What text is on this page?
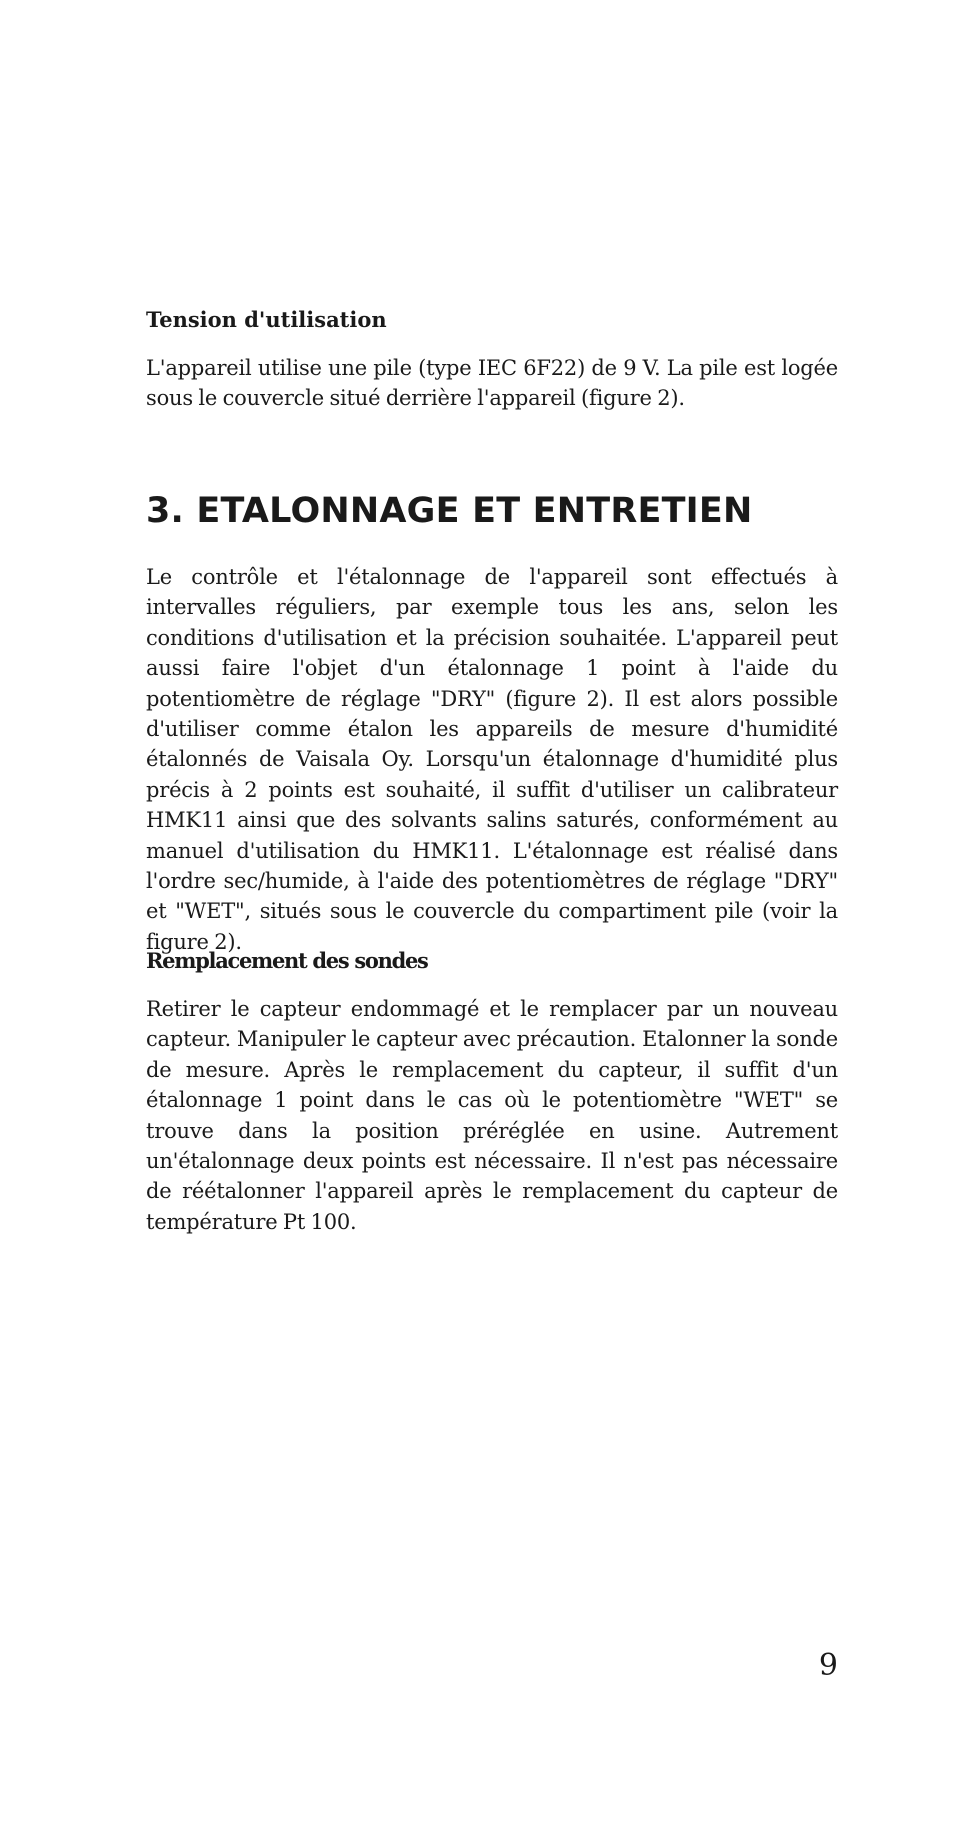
Tension d'utilisation

L'appareil utilise une pile (type IEC 6F22) de 9 V. La pile est logée sous le couvercle situé derrière l'appareil (figure 2).

3. ETALONNAGE ET ENTRETIEN

Le contrôle et l'étalonnage de l'appareil sont effectués à intervalles réguliers, par exemple tous les ans, selon les conditions d'utilisation et la précision souhaitée. L'appareil peut aussi faire l'objet d'un étalonnage 1 point à l'aide du potentiomètre de réglage "DRY" (figure 2). Il est alors possible d'utiliser comme étalon les appareils de mesure d'humidité étalonnés de Vaisala Oy. Lorsqu'un étalonnage d'humidité plus précis à 2 points est souhaité, il suffit d'utiliser un calibrateur HMK11 ainsi que des solvants salins saturés, conformément au manuel d'utilisation du HMK11. L'étalonnage est réalisé dans l'ordre sec/humide, à l'aide des potentiomètres de réglage "DRY" et "WET", situés sous le couvercle du compartiment pile (voir la figure 2).

Remplacement des sondes

Retirer le capteur endommagé et le remplacer par un nouveau capteur. Manipuler le capteur avec précaution. Etalonner la sonde de mesure. Après le remplacement du capteur, il suffit d'un étalonnage 1 point dans le cas où le potentiomètre "WET" se trouve dans la position préréglée en usine. Autrement un'étalonnage deux points est nécessaire. Il n'est pas nécessaire de réétalonner l'appareil après le remplacement du capteur de température Pt 100.

9
